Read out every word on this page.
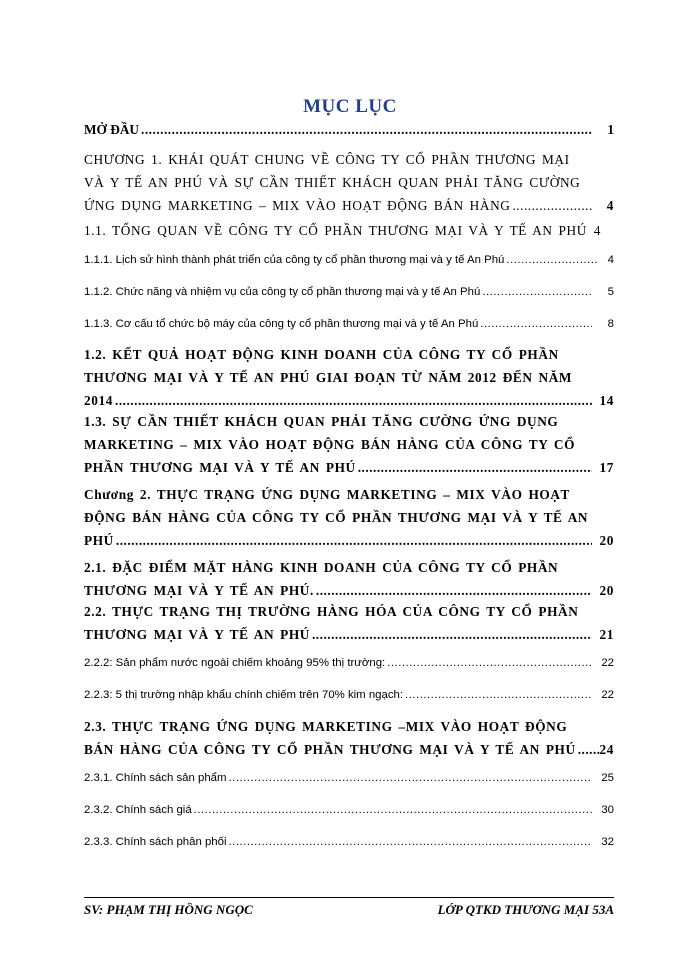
MỤC LỤC
MỞ ĐẦU .....	1
CHƯƠNG 1. KHÁI QUÁT CHUNG VỀ CÔNG TY CỔ PHẦN THƯƠNG MẠI
VÀ Y TẾ AN PHÚ VÀ SỰ CẦN THIẾT KHÁCH QUAN PHẢI TĂNG CƯỜNG
ỨNG DỤNG MARKETING – MIX VÀO HOẠT ĐỘNG BÁN HÀNG .....	4
1.1. TỔNG QUAN VỀ CÔNG TY CỔ PHẦN THƯƠNG MẠI VÀ Y TẾ AN PHÚ 4
1.1.1. Lịch sử hình thành phát triển của công ty cổ phần thương mại và y tế An Phú .....	4
1.1.2. Chức năng và nhiệm vụ của công ty cổ phần thương mại và y tế An Phú .....	5
1.1.3. Cơ cấu tổ chức bộ máy của công ty cổ phần thương mại và y tế An Phú .....	8
1.2. KẾT QUẢ HOẠT ĐỘNG KINH DOANH CỦA CÔNG TY CỔ PHẦN
THƯƠNG MẠI VÀ Y TẾ AN PHÚ GIAI ĐOẠN TỪ NĂM 2012 ĐẾN NĂM
2014 .....	14
1.3. SỰ CẦN THIẾT KHÁCH QUAN PHẢI TĂNG CƯỜNG ỨNG DỤNG
MARKETING – MIX VÀO HOẠT ĐỘNG BÁN HÀNG CỦA CÔNG TY CỔ
PHẦN THƯƠNG MẠI VÀ Y TẾ AN PHÚ .....	17
Chương 2. THỰC TRẠNG ỨNG DỤNG MARKETING – MIX VÀO HOẠT
ĐỘNG BÁN HÀNG CỦA CÔNG TY CỔ PHẦN THƯƠNG MẠI VÀ Y TẾ AN
PHÚ .....	20
2.1. ĐẶC ĐIỂM MẶT HÀNG KINH DOANH CỦA CÔNG TY CỔ PHẦN
THƯƠNG MẠI VÀ Y TẾ AN PHÚ. .....	20
2.2. THỰC TRẠNG THỊ TRƯỜNG HÀNG HÓA CỦA CÔNG TY CỔ PHẦN
THƯƠNG MẠI VÀ Y TẾ AN PHÚ .....	21
2.2.2: Sản phẩm nước ngoài chiếm khoảng 95% thị trường: .....	22
2.2.3: 5 thị trường nhập khẩu chính chiếm trên 70% kim ngạch: .....	22
2.3. THỰC TRẠNG ỨNG DỤNG MARKETING –MIX VÀO HOẠT ĐỘNG
BÁN HÀNG CỦA CÔNG TY CỔ PHẦN THƯƠNG MẠI VÀ Y TẾ AN PHÚ ..... 24
2.3.1. Chính sách sản phẩm .....	25
2.3.2. Chính sách giá .....	30
2.3.3. Chính sách phân phối .....	32
SV: PHẠM THỊ HỒNG NGỌC	LỚP QTKD THƯƠNG MẠI 53A
